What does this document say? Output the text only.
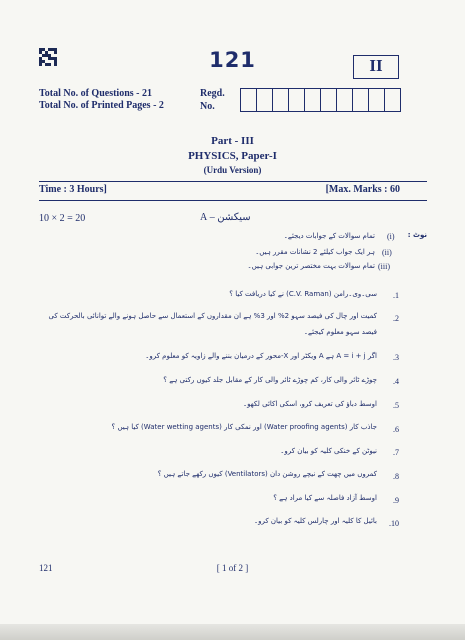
121	II
Total No. of Questions - 21
Total No. of Printed Pages - 2
Regd.
No.
Part - III
PHYSICS, Paper-I
(Urdu Version)
Time : 3 Hours]	[Max. Marks : 60
10 × 2 = 20	سیکشن – A
نوٹ :
(i)
تمام سوالات کے جوابات دیجئے۔
(ii)
ہر ایک جواب کیلئے 2 نشانات مقرر ہیں۔
(iii)
تمام سوالات بہت مختصر ترین جوابی ہیں۔
.1
سی۔وی۔رامن (C.V. Raman) نے کیا دریافت کیا ؟
.2
کمیت اور چال کی فیصد سہو 2% اور 3% ہے ان مقداروں کے استعمال سے حاصل ہونے والے توانائی بالحرکت کی
فیصد سہو معلوم کیجئے۔
.3
اگر A = i + j ہے A ویکٹر اور X-محور کے درمیان بننے والے زاویہ کو معلوم کرو۔
.4
چوڑے ٹائر والی کار، کم چوڑے ٹائر والی کار کے مقابل جلد کیوں رکتی ہے ؟
.5
اوسط دباؤ کی تعریف کرو، اسکی اکائی لکھو۔
.6
جاذب کار (Water proofing agents) اور نمکی کار (Water wetting agents) کیا ہیں ؟
.7
نیوٹن کے خنکی کلیہ کو بیان کرو۔
.8
کمروں میں چھت کے نیچے روشن دان (Ventilators) کیوں رکھے جاتے ہیں ؟
.9
اوسط آزاد فاصلہ سے کیا مراد ہے ؟
.10
بائیل کا کلیہ اور چارلس کلیہ کو بیان کرو۔
121	[ 1 of 2 ]
